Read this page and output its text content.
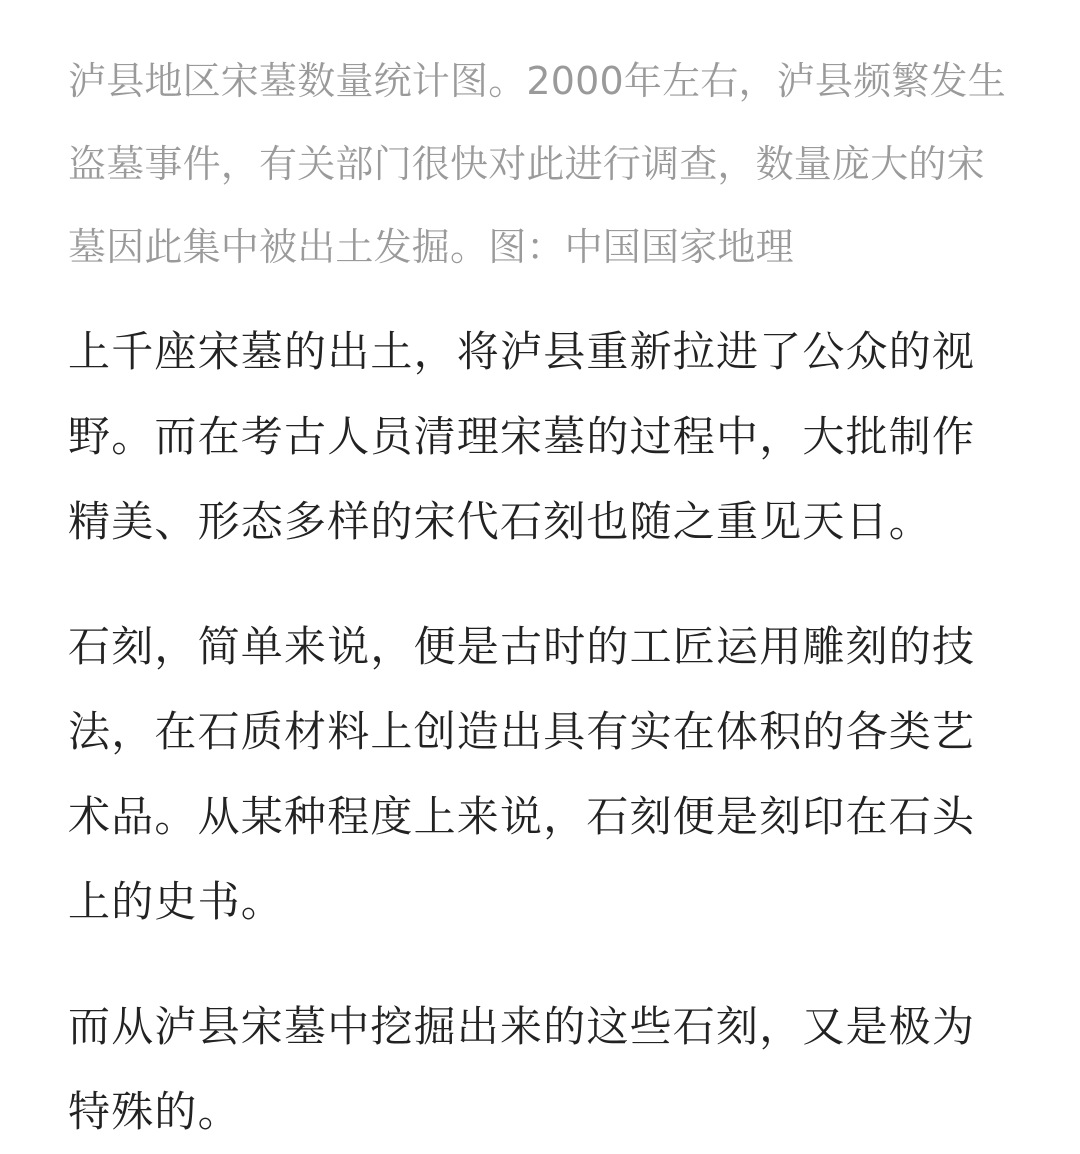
泸县地区宋墓数量统计图。2000年左右，泸县频繁发生盗墓事件，有关部门很快对此进行调查，数量庞大的宋墓因此集中被出土发掘。图：中国国家地理

上千座宋墓的出土，将泸县重新拉进了公众的视野。而在考古人员清理宋墓的过程中，大批制作精美、形态多样的宋代石刻也随之重见天日。

石刻，简单来说，便是古时的工匠运用雕刻的技法，在石质材料上创造出具有实在体积的各类艺术品。从某种程度上来说，石刻便是刻印在石头上的史书。

而从泸县宋墓中挖掘出来的这些石刻，又是极为特殊的。
